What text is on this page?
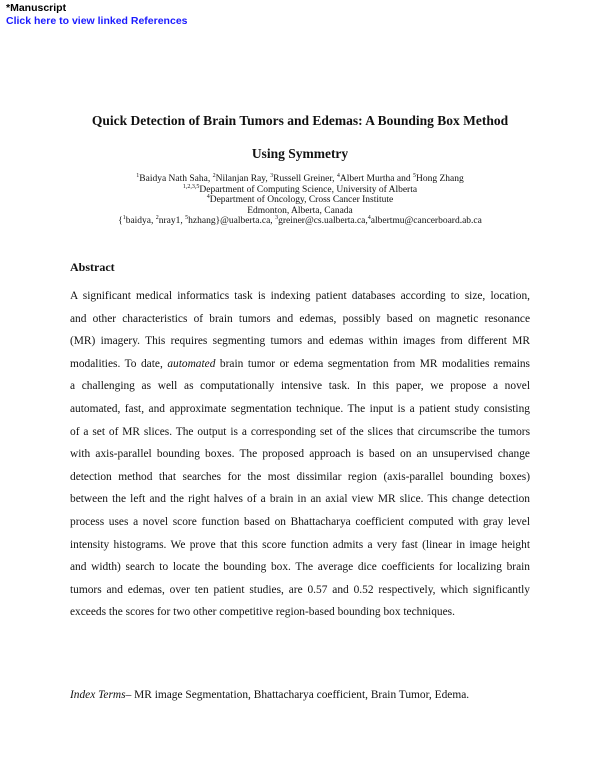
*Manuscript
Click here to view linked References
Quick Detection of Brain Tumors and Edemas: A Bounding Box Method
Using Symmetry
$^1$Baidya Nath Saha, $^2$Nilanjan Ray, $^3$Russell Greiner, $^4$Albert Murtha and $^5$Hong Zhang
$^{1,2,3,5}$Department of Computing Science, University of Alberta
$^4$Department of Oncology, Cross Cancer Institute
Edmonton, Alberta, Canada
{$^1$baidya, $^2$nray1, $^5$hzhang}@ualberta.ca, $^3$greiner@cs.ualberta.ca,$^4$albertmu@cancerboard.ab.ca
Abstract
A significant medical informatics task is indexing patient databases according to size, location,
and other characteristics of brain tumors and edemas, possibly based on magnetic resonance
(MR) imagery. This requires segmenting tumors and edemas within images from different MR
modalities. To date, automated brain tumor or edema segmentation from MR modalities remains
a challenging as well as computationally intensive task. In this paper, we propose a novel
automated, fast, and approximate segmentation technique. The input is a patient study consisting
of a set of MR slices. The output is a corresponding set of the slices that circumscribe the tumors
with axis-parallel bounding boxes. The proposed approach is based on an unsupervised change
detection method that searches for the most dissimilar region (axis-parallel bounding boxes)
between the left and the right halves of a brain in an axial view MR slice. This change detection
process uses a novel score function based on Bhattacharya coefficient computed with gray level
intensity histograms. We prove that this score function admits a very fast (linear in image height
and width) search to locate the bounding box. The average dice coefficients for localizing brain
tumors and edemas, over ten patient studies, are 0.57 and 0.52 respectively, which significantly
exceeds the scores for two other competitive region-based bounding box techniques.
Index Terms– MR image Segmentation, Bhattacharya coefficient, Brain Tumor, Edema.
